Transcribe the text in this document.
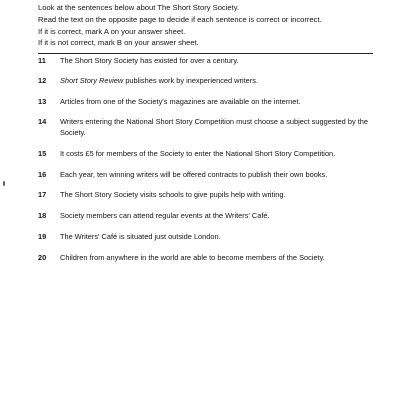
Look at the sentences below about The Short Story Society.

Read the text on the opposite page to decide if each sentence is correct or incorrect.

If it is correct, mark A on your answer sheet.

If it is not correct, mark B on your answer sheet.

11	The Short Story Society has existed for over a century.
12	Short Story Review publishes work by inexperienced writers.
13	Articles from one of the Society's magazines are available on the internet.
14	Writers entering the National Short Story Competition must choose a subject suggested by the Society.
15	It costs £5 for members of the Society to enter the National Short Story Competition.
16	Each year, ten winning writers will be offered contracts to publish their own books.
17	The Short Story Society visits schools to give pupils help with writing.
18	Society members can attend regular events at the Writers' Café.
19	The Writers' Café is situated just outside London.
20	Children from anywhere in the world are able to become members of the Society.
